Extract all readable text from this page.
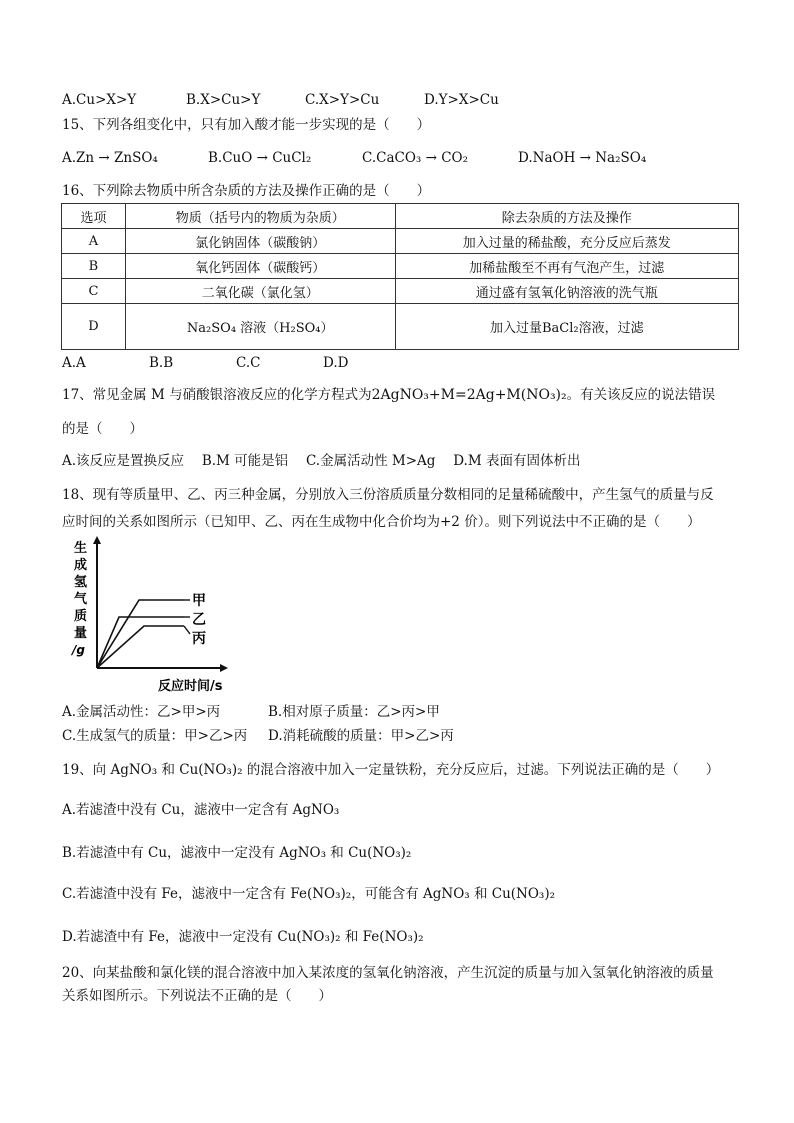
A.Cu>X>Y	B.X>Cu>Y	C.X>Y>Cu	D.Y>X>Cu
15、下列各组变化中，只有加入酸才能一步实现的是（　　）
A.Zn → ZnSO₄	B.CuO → CuCl₂	C.CaCO₃ → CO₂	D.NaOH → Na₂SO₄
16、下列除去物质中所含杂质的方法及操作正确的是（　　）
选项	物质（括号内的物质为杂质）	除去杂质的方法及操作
A	氯化钠固体（碳酸钠）	加入过量的稀盐酸，充分反应后蒸发
B	氧化钙固体（碳酸钙）	加稀盐酸至不再有气泡产生，过滤
C	二氧化碳（氯化氢）	通过盛有氢氧化钠溶液的洗气瓶
D	Na₂SO₄ 溶液（H₂SO₄）	加入过量BaCl₂溶液，过滤
A.A	B.B	C.C	D.D
17、常见金属 M 与硝酸银溶液反应的化学方程式为2AgNO₃+M=2Ag+M(NO₃)₂。有关该反应的说法错误
的是（　　）
A.该反应是置换反应　 B.M 可能是铝　 C.金属活动性 M>Ag　 D.M 表面有固体析出
18、现有等质量甲、乙、丙三种金属，分别放入三份溶质质量分数相同的足量稀硫酸中，产生氢气的质量与反
应时间的关系如图所示（已知甲、乙、丙在生成物中化合价均为+2 价）。则下列说法中不正确的是（　　）
生
成
氢
气
质
量
/g
甲
乙
丙
反应时间/s
A.金属活动性：乙>甲>丙	B.相对原子质量：乙>丙>甲
C.生成氢气的质量：甲>乙>丙 D.消耗硫酸的质量：甲>乙>丙
19、向 AgNO₃ 和 Cu(NO₃)₂ 的混合溶液中加入一定量铁粉，充分反应后，过滤。下列说法正确的是（　　）
A.若滤渣中没有 Cu，滤液中一定含有 AgNO₃
B.若滤渣中有 Cu，滤液中一定没有 AgNO₃ 和 Cu(NO₃)₂
C.若滤渣中没有 Fe，滤液中一定含有 Fe(NO₃)₂，可能含有 AgNO₃ 和 Cu(NO₃)₂
D.若滤渣中有 Fe，滤液中一定没有 Cu(NO₃)₂ 和 Fe(NO₃)₂
20、向某盐酸和氯化镁的混合溶液中加入某浓度的氢氧化钠溶液，产生沉淀的质量与加入氢氧化钠溶液的质量
关系如图所示。下列说法不正确的是（　　）
